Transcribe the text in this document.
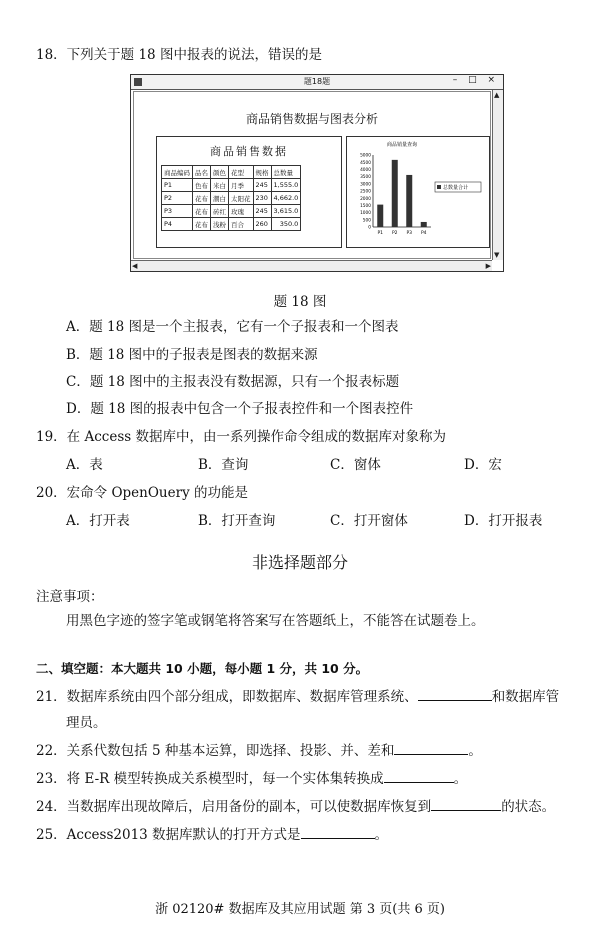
18．下列关于题 18 图中报表的说法，错误的是
题18题	– □ ×
商品销售数据与图表分析
商品销售数据
商品编码	品名	颜色	花型	规格	总数量
P1	色布	米白	月季	245	1,555.0
P2	花布	潮白	太阳花	230	4,662.0
P3	花布	砖红	玫瑰	245	3,615.0
P4	花布	浅粉	百合	260	350.0
商品销量查询
0
500
1000
1500
2000
2500
3000
3500
4000
4500
5000
P1 P2 P3 P4
总数量合计
▲
▼
◀	▶
题 18 图
A．题 18 图是一个主报表，它有一个子报表和一个图表
B．题 18 图中的子报表是图表的数据来源
C．题 18 图中的主报表没有数据源，只有一个报表标题
D．题 18 图的报表中包含一个子报表控件和一个图表控件
19．在 Access 数据库中，由一系列操作命令组成的数据库对象称为
A．表	B．查询	C．窗体	D．宏
20．宏命令 OpenOuery 的功能是
A．打开表	B．打开查询	C．打开窗体	D．打开报表
非选择题部分
注意事项：
用黑色字迹的签字笔或钢笔将答案写在答题纸上，不能答在试题卷上。
二、填空题：本大题共 10 小题，每小题 1 分，共 10 分。
21．数据库系统由四个部分组成，即数据库、数据库管理系统、	和数据库管
理员。
22．关系代数包括 5 种基本运算，即选择、投影、并、差和	。
23．将 E-R 模型转换成关系模型时，每一个实体集转换成	。
24．当数据库出现故障后，启用备份的副本，可以使数据库恢复到	的状态。
25．Access2013 数据库默认的打开方式是	。
浙 02120# 数据库及其应用试题 第 3 页(共 6 页)
